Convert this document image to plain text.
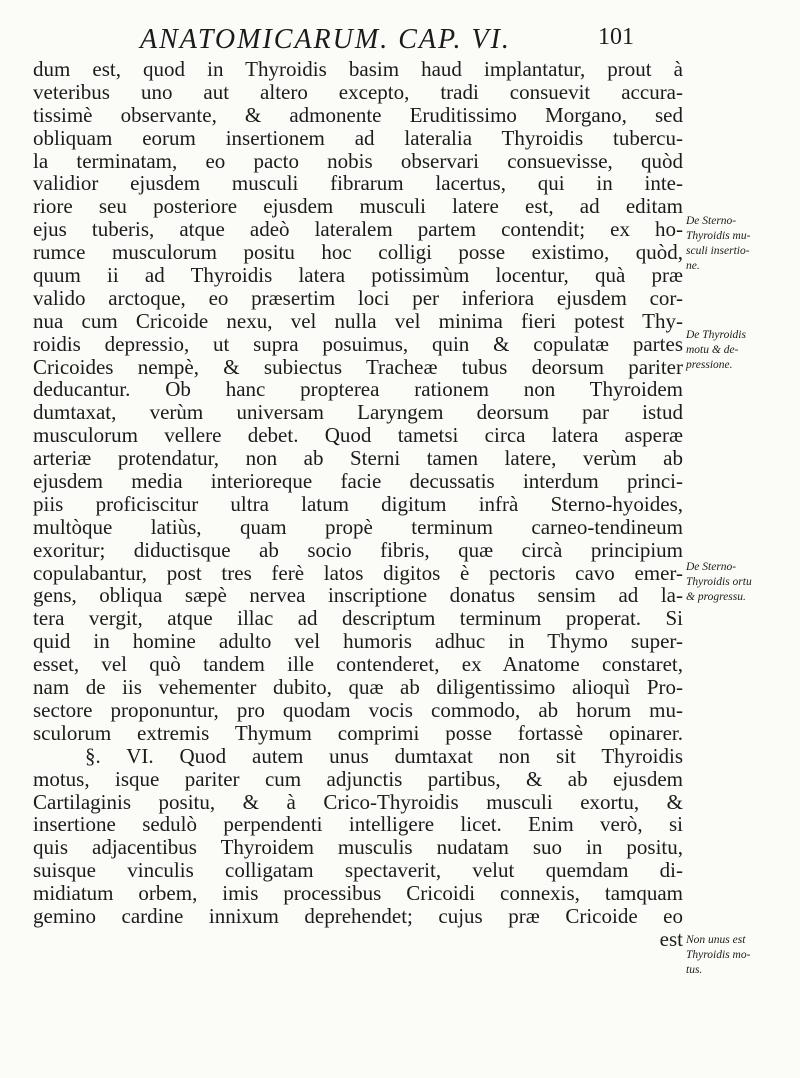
ANATOMICARUM. CAP. VI.	101
dum est, quod in Thyroidis basim haud implantatur, prout à
veteribus uno aut altero excepto, tradi consuevit accura-
tissimè observante, & admonente Eruditissimo Morgano, sed
obliquam eorum insertionem ad lateralia Thyroidis tubercu-
la terminatam, eo pacto nobis observari consuevisse, quòd
validior ejusdem musculi fibrarum lacertus, qui in inte-
riore seu posteriore ejusdem musculi latere est, ad editam
ejus tuberis, atque adeò lateralem partem contendit; ex ho-
rumce musculorum positu hoc colligi posse existimo, quòd,
quum ii ad Thyroidis latera potissimùm locentur, quà præ
valido arctoque, eo præsertim loci per inferiora ejusdem cor-
nua cum Cricoide nexu, vel nulla vel minima fieri potest Thy-
roidis depressio, ut supra posuimus, quin & copulatæ partes
Cricoides nempè, & subiectus Tracheæ tubus deorsum pariter
deducantur. Ob hanc propterea rationem non Thyroidem
dumtaxat, verùm universam Laryngem deorsum par istud
musculorum vellere debet. Quod tametsi circa latera asperæ
arteriæ protendatur, non ab Sterni tamen latere, verùm ab
ejusdem media interioreque facie decussatis interdum princi-
piis proficiscitur ultra latum digitum infrà Sterno-hyoides,
multòque latiùs, quam propè terminum carneo-tendineum
exoritur; diductisque ab socio fibris, quæ circà principium
copulabantur, post tres ferè latos digitos è pectoris cavo emer-
gens, obliqua sæpè nervea inscriptione donatus sensim ad la-
tera vergit, atque illac ad descriptum terminum properat. Si
quid in homine adulto vel humoris adhuc in Thymo super-
esset, vel quò tandem ille contenderet, ex Anatome constaret,
nam de iis vehementer dubito, quæ ab diligentissimo alioquì Pro-
sectore proponuntur, pro quodam vocis commodo, ab horum mu-
sculorum extremis Thymum comprimi posse fortassè opinarer.
§. VI. Quod autem unus dumtaxat non sit Thyroidis
motus, isque pariter cum adjunctis partibus, & ab ejusdem
Cartilaginis positu, & à Crico-Thyroidis musculi exortu, &
insertione sedulò perpendenti intelligere licet. Enim verò, si
quis adjacentibus Thyroidem musculis nudatam suo in positu,
suisque vinculis colligatam spectaverit, velut quemdam di-
midiatum orbem, imis processibus Cricoidi connexis, tamquam
gemino cardine innixum deprehendet; cujus præ Cricoide eo
est
De Sterno-
Thyroidis mu-
sculi insertio-
ne.
De Thyroidis
motu & de-
pressione.
De Sterno-
Thyroidis ortu
& progressu.
Non unus est
Thyroidis mo-
tus.
